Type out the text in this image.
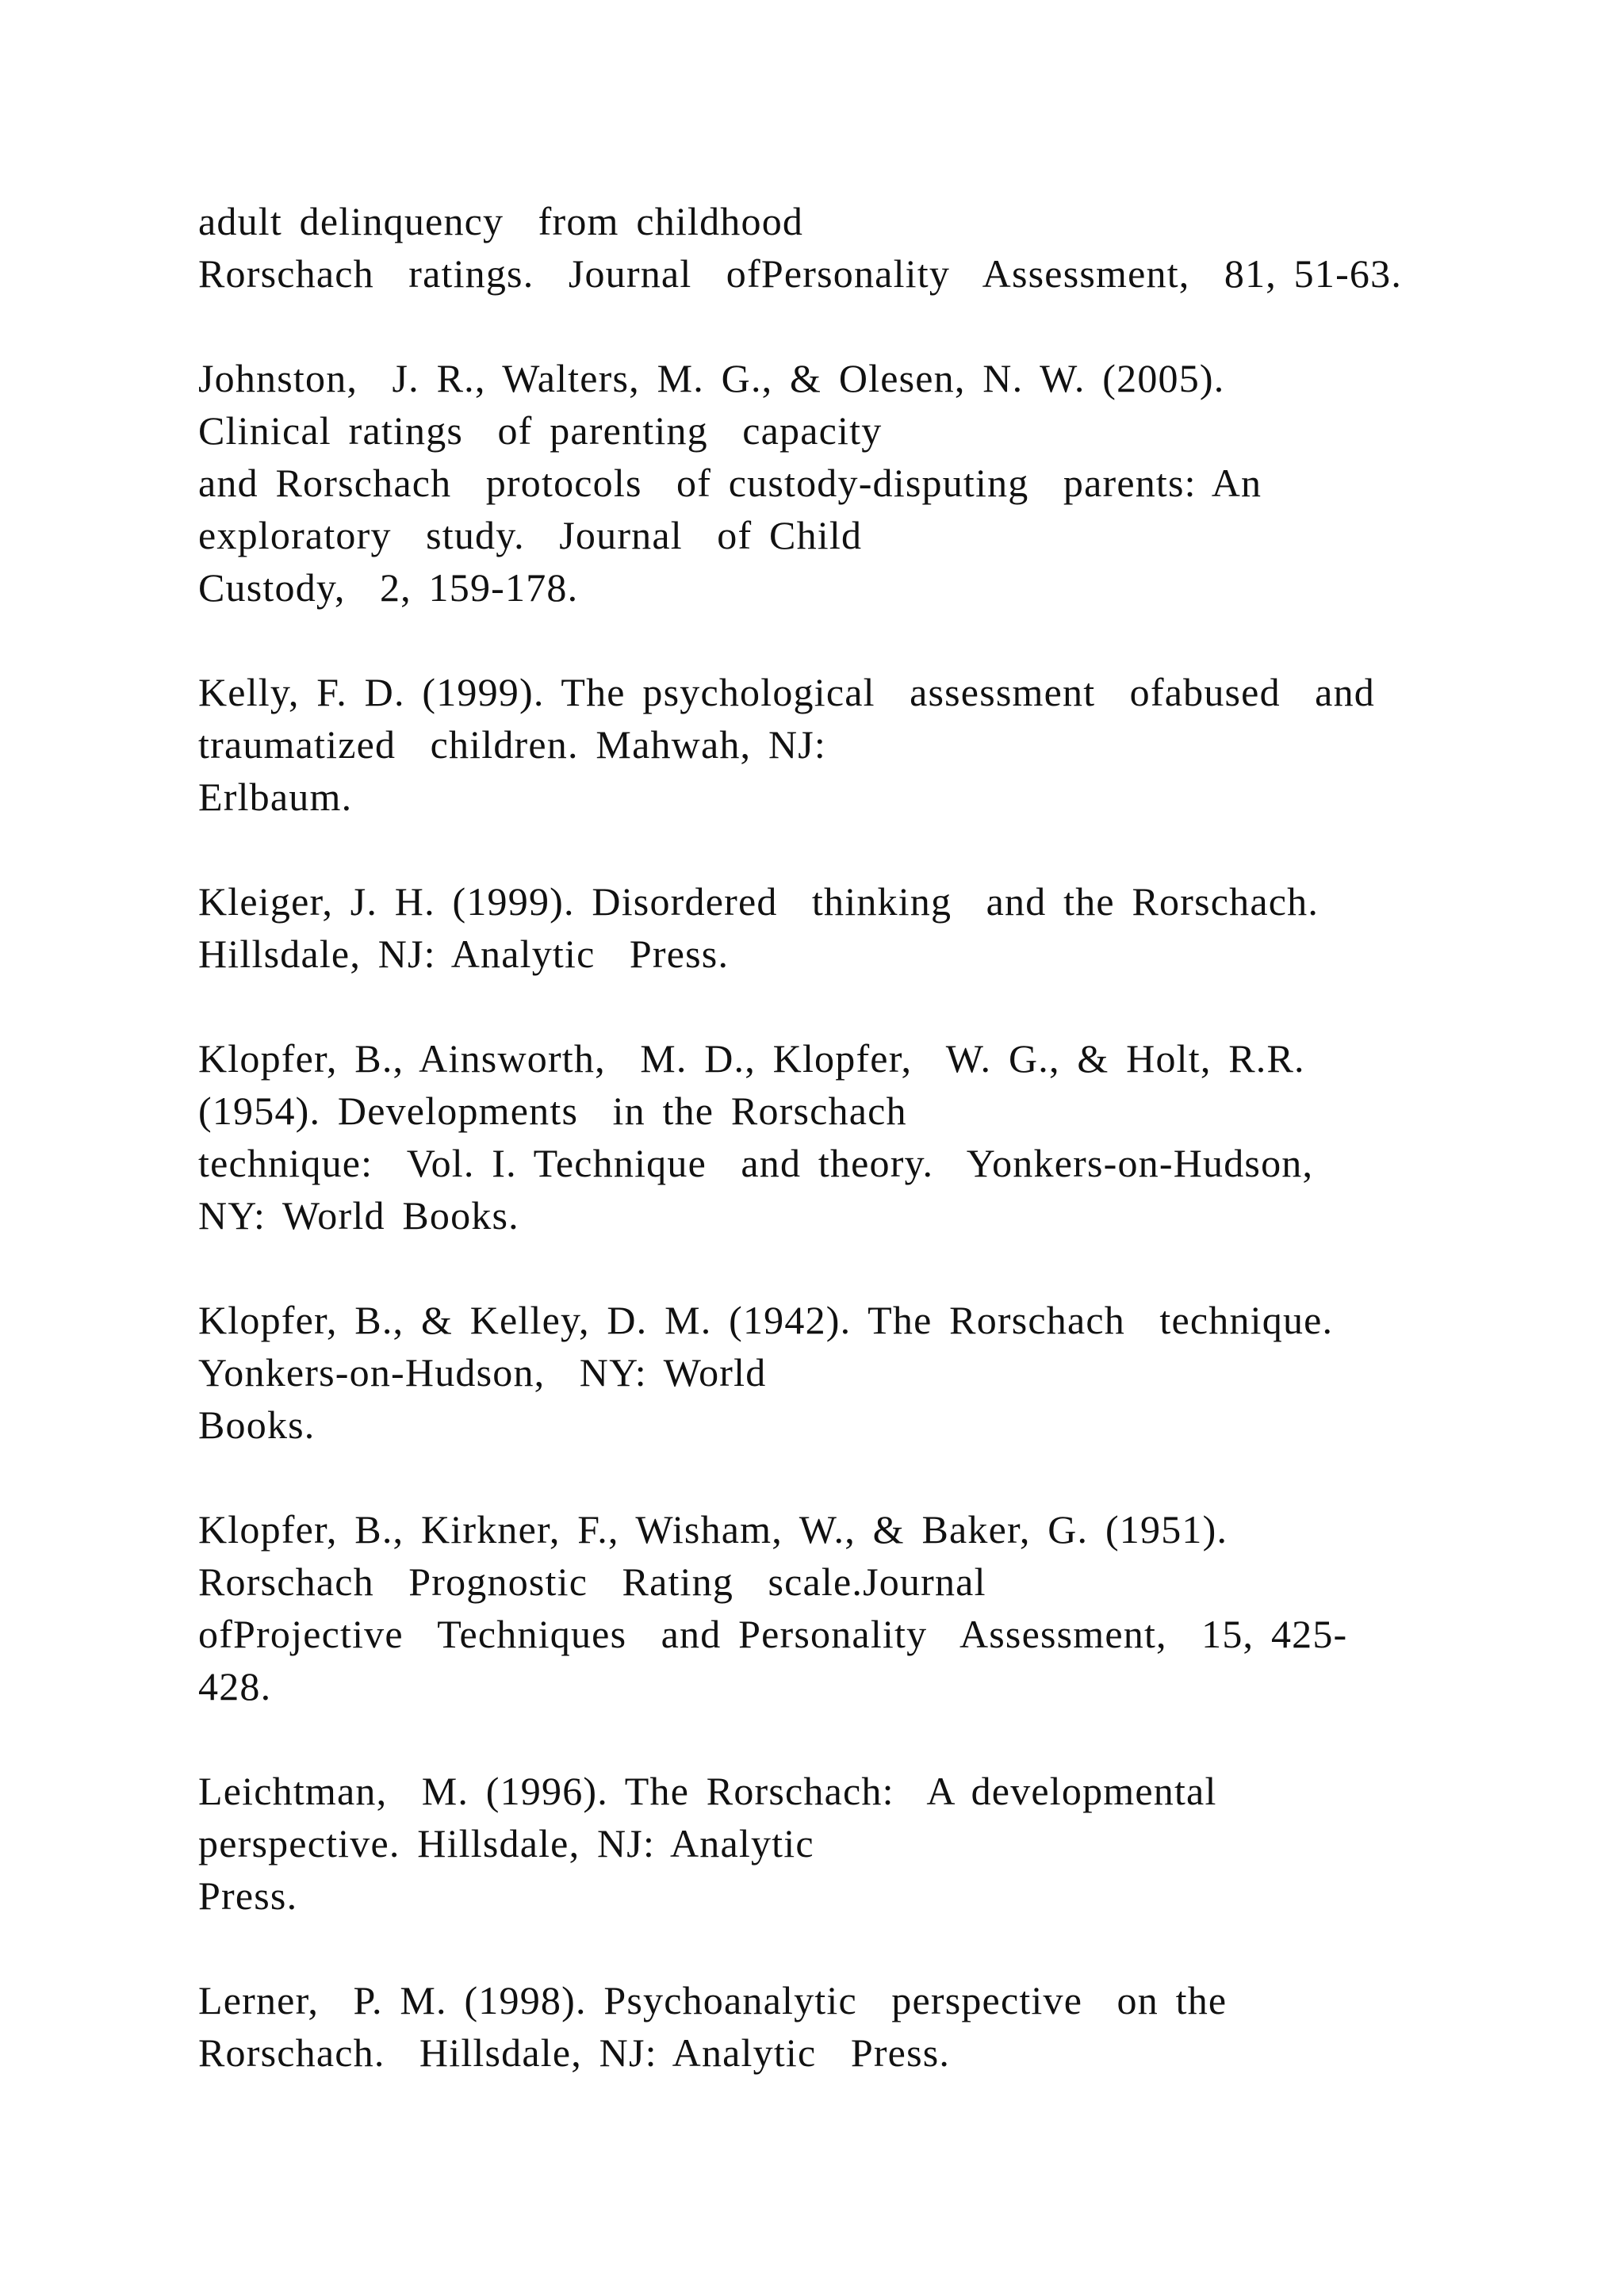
adult delinquency  from childhood
Rorschach  ratings.  Journal  ofPersonality  Assessment,  81, 51-63.
Johnston,  J. R., Walters, M. G., & Olesen, N. W. (2005).
Clinical ratings  of parenting  capacity
and Rorschach  protocols  of custody-disputing  parents: An
exploratory  study.  Journal  of Child
Custody,  2, 159-178.
Kelly, F. D. (1999). The psychological  assessment  ofabused  and
traumatized  children. Mahwah, NJ:
Erlbaum.
Kleiger, J. H. (1999). Disordered  thinking  and the Rorschach.
Hillsdale, NJ: Analytic  Press.
Klopfer, B., Ainsworth,  M. D., Klopfer,  W. G., & Holt, R.R.
(1954). Developments  in the Rorschach
technique:  Vol. I. Technique  and theory.  Yonkers-on-Hudson,
NY: World Books.
Klopfer, B., & Kelley, D. M. (1942). The Rorschach  technique.
Yonkers-on-Hudson,  NY: World
Books.
Klopfer, B., Kirkner, F., Wisham, W., & Baker, G. (1951).
Rorschach  Prognostic  Rating  scale.Journal
ofProjective  Techniques  and Personality  Assessment,  15, 425-
428.
Leichtman,  M. (1996). The Rorschach:  A developmental
perspective. Hillsdale, NJ: Analytic
Press.
Lerner,  P. M. (1998). Psychoanalytic  perspective  on the
Rorschach.  Hillsdale, NJ: Analytic  Press.
